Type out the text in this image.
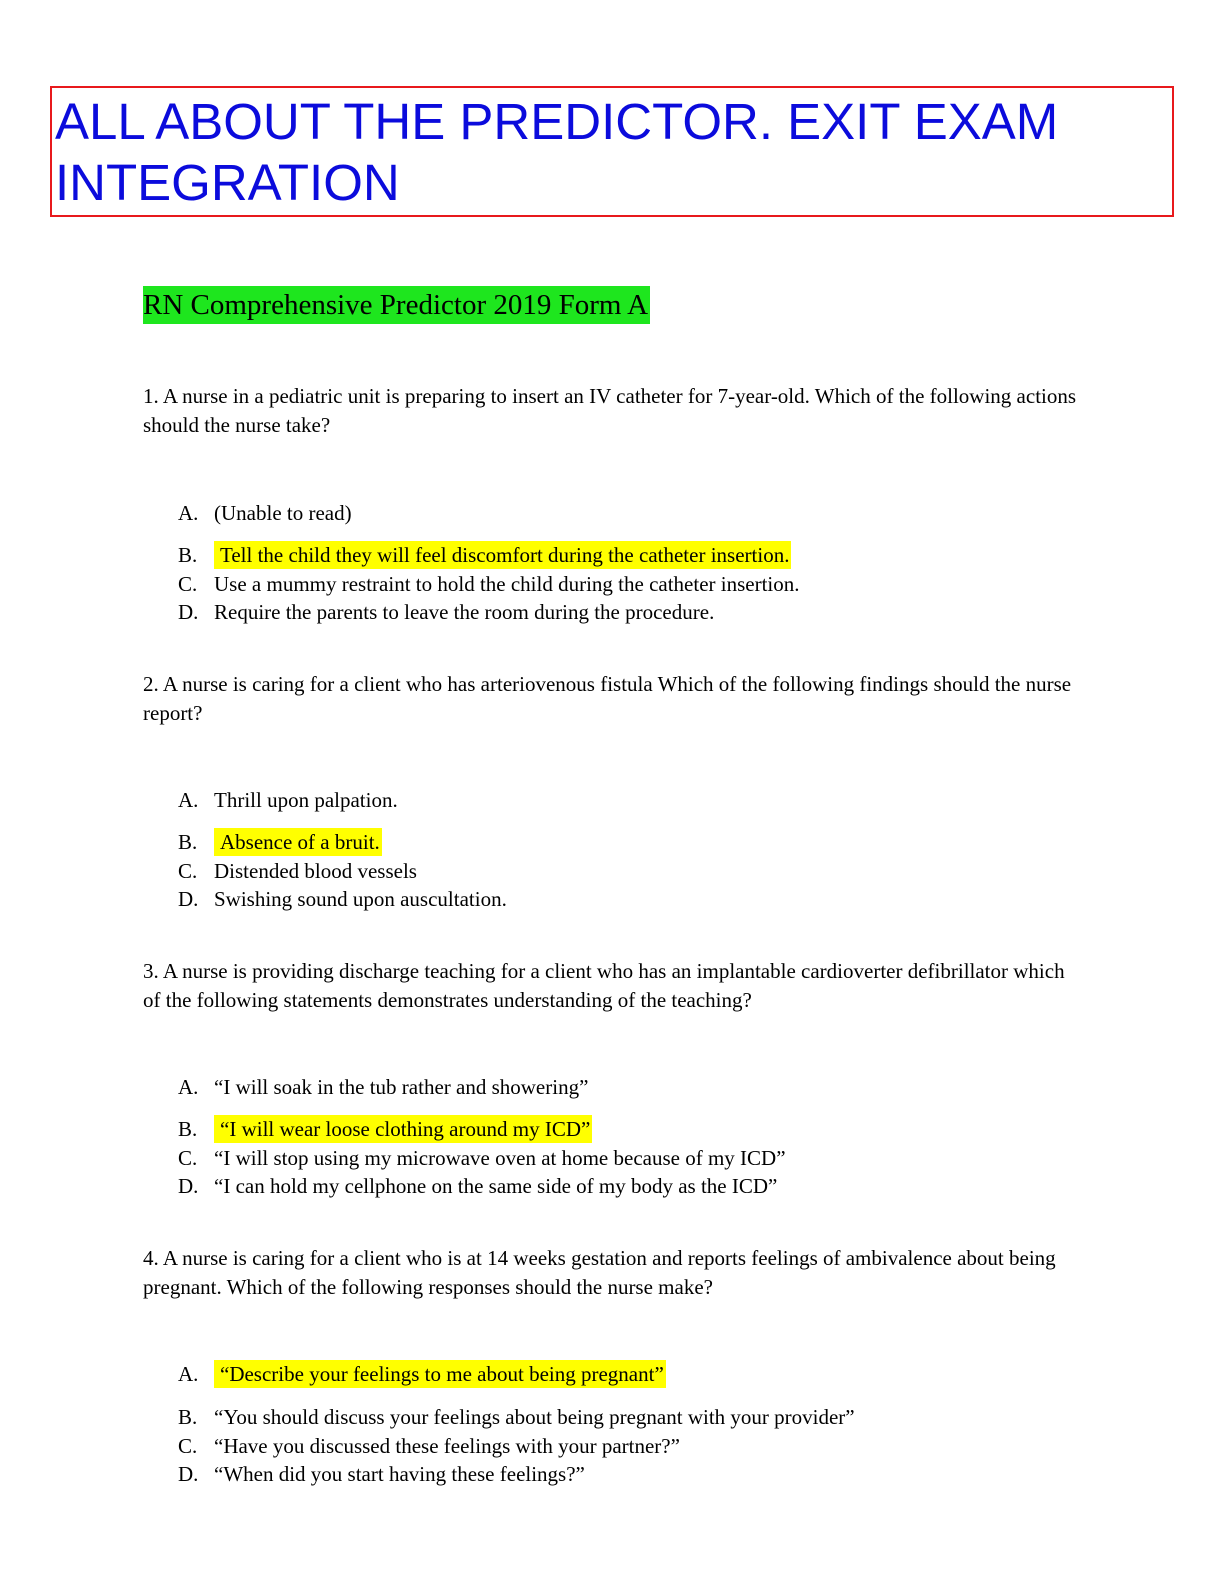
ALL ABOUT THE PREDICTOR. EXIT EXAM
INTEGRATION
RN Comprehensive Predictor 2019 Form A

1. A nurse in a pediatric unit is preparing to insert an IV catheter for 7-year-old. Which of the following actions should the nurse take?

A. (Unable to read)
B. Tell the child they will feel discomfort during the catheter insertion.
C. Use a mummy restraint to hold the child during the catheter insertion.
D. Require the parents to leave the room during the procedure.

2. A nurse is caring for a client who has arteriovenous fistula Which of the following findings should the nurse report?

A. Thrill upon palpation.
B. Absence of a bruit.
C. Distended blood vessels
D. Swishing sound upon auscultation.

3. A nurse is providing discharge teaching for a client who has an implantable cardioverter defibrillator which of the following statements demonstrates understanding of the teaching?

A. “I will soak in the tub rather and showering”
B. “I will wear loose clothing around my ICD”
C. “I will stop using my microwave oven at home because of my ICD”
D. “I can hold my cellphone on the same side of my body as the ICD”

4. A nurse is caring for a client who is at 14 weeks gestation and reports feelings of ambivalence about being pregnant. Which of the following responses should the nurse make?

A. “Describe your feelings to me about being pregnant”
B. “You should discuss your feelings about being pregnant with your provider”
C. “Have you discussed these feelings with your partner?”
D. “When did you start having these feelings?”
